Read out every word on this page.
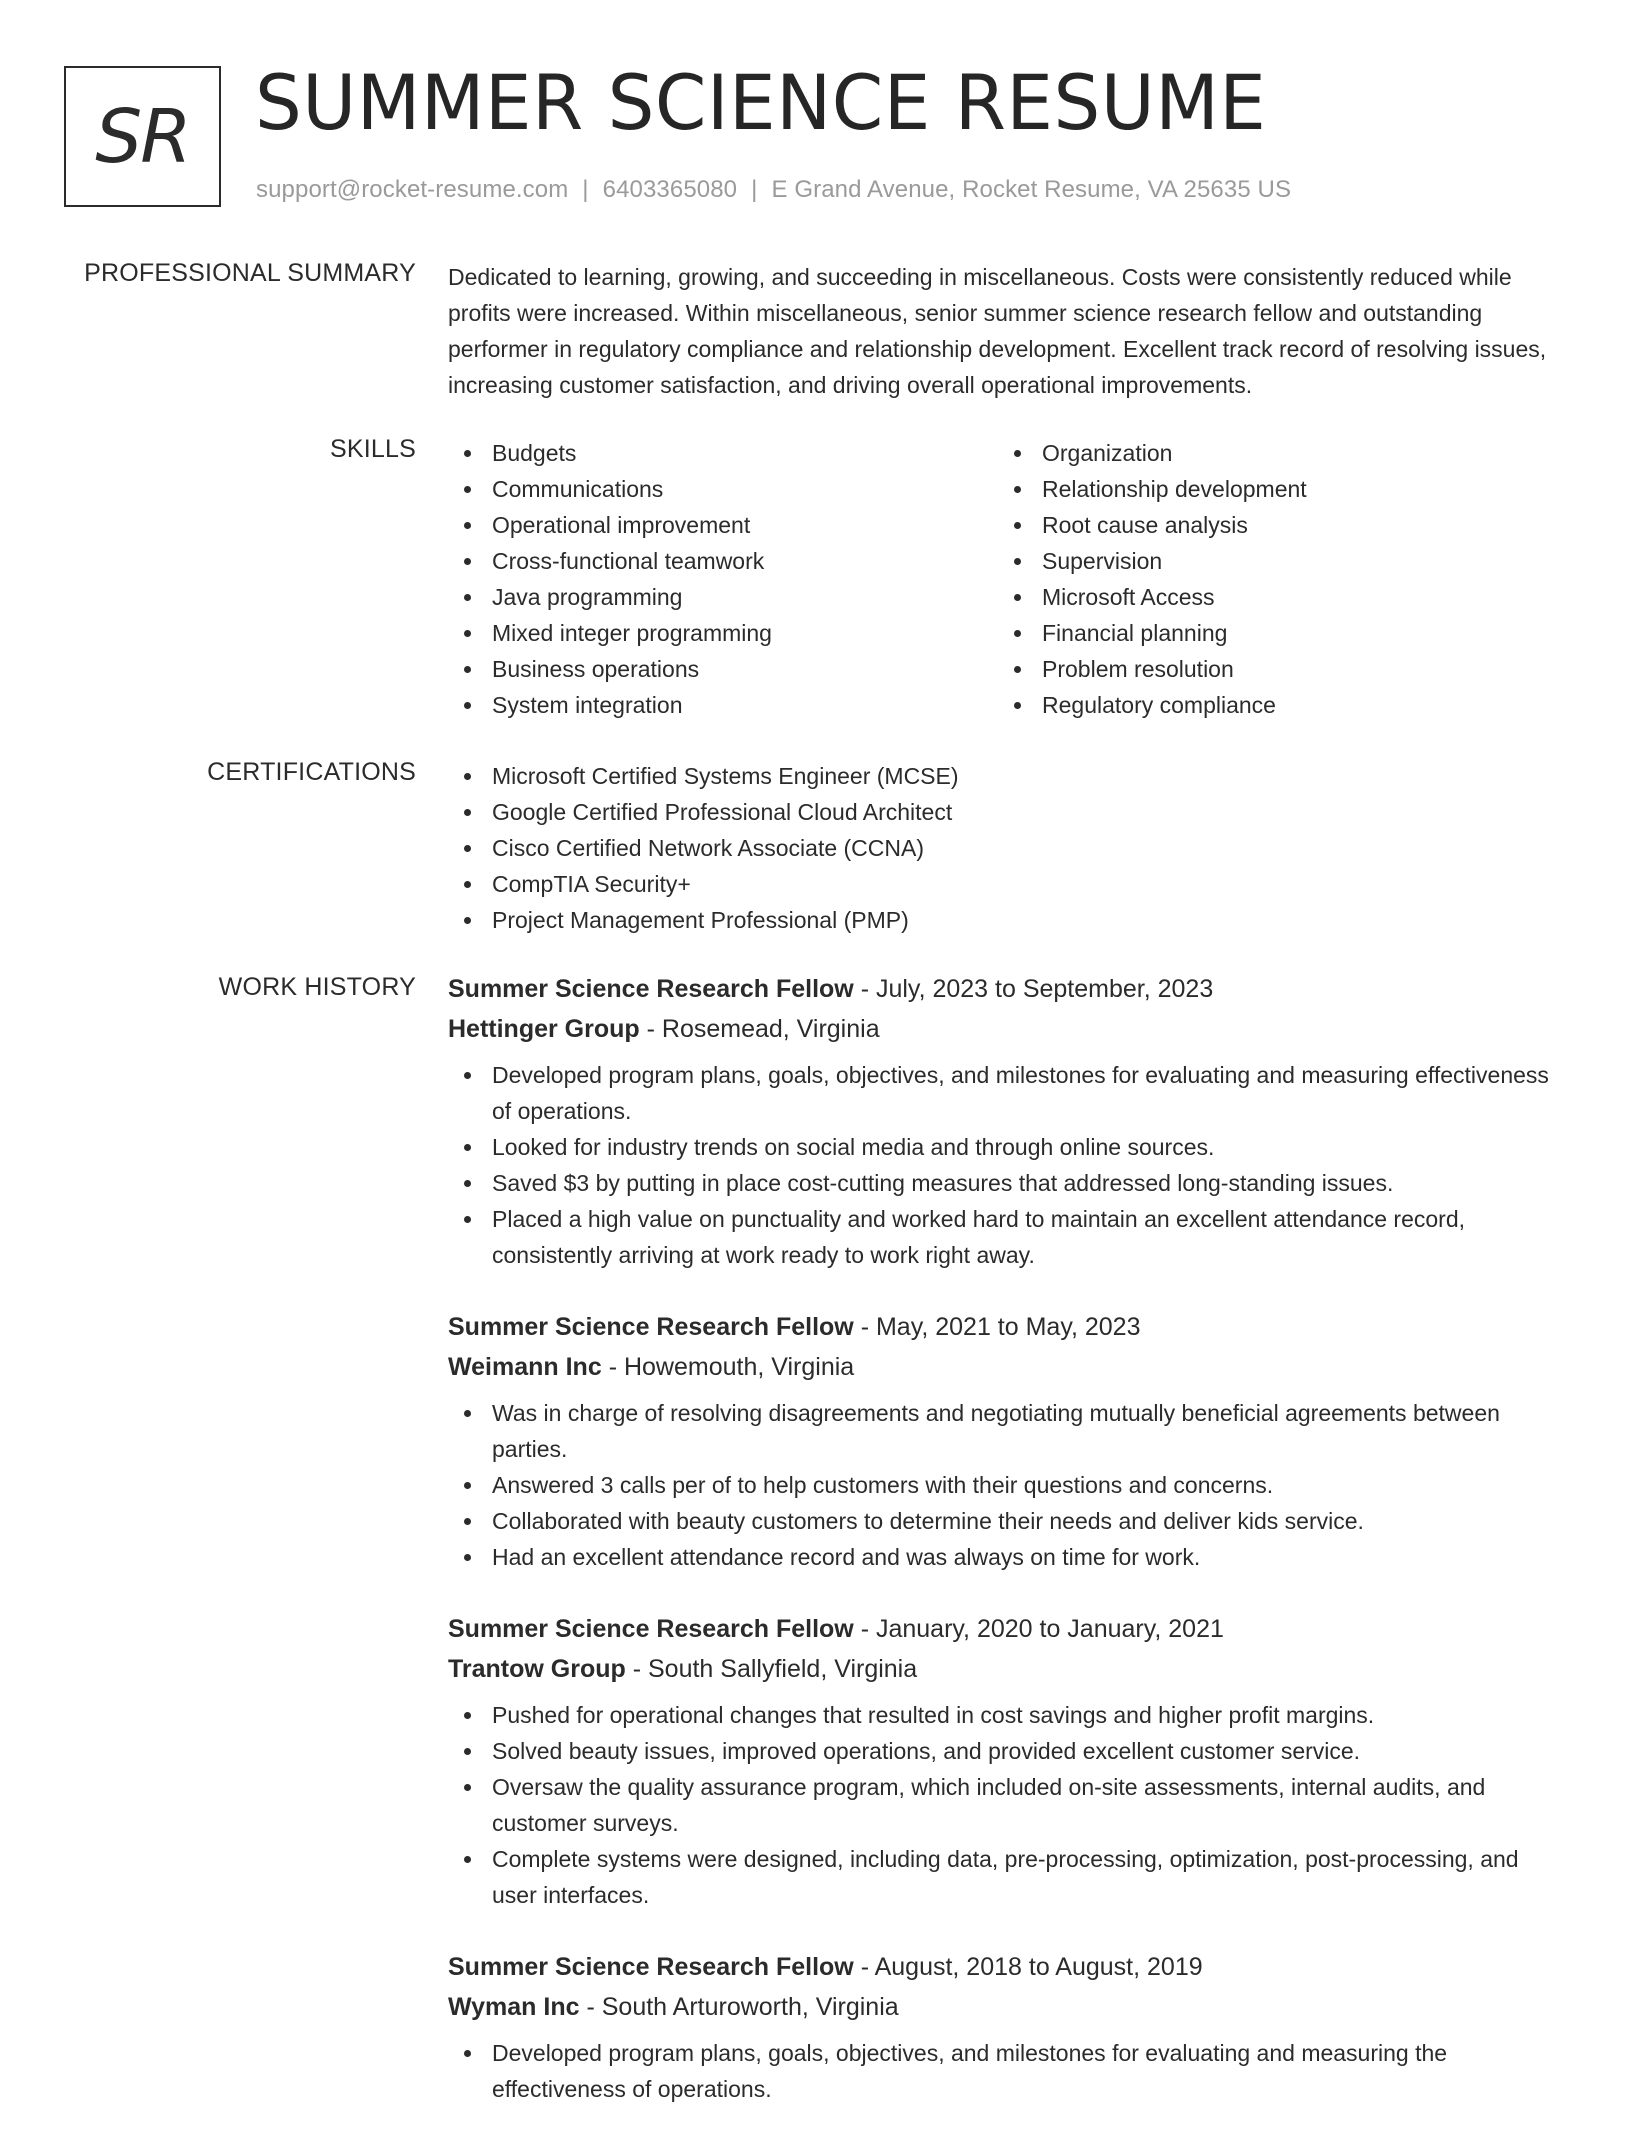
SR SUMMER SCIENCE RESUME
support@rocket-resume.com | 6403365080 | E Grand Avenue, Rocket Resume, VA 25635 US
PROFESSIONAL SUMMARY Dedicated to learning, growing, and succeeding in miscellaneous. Costs were consistently reduced while profits were increased. Within miscellaneous, senior summer science research fellow and outstanding performer in regulatory compliance and relationship development. Excellent track record of resolving issues, increasing customer satisfaction, and driving overall operational improvements.

SKILLS	Budgets
Communications
Operational improvement
Cross-functional teamwork
Java programming
Mixed integer programming
Business operations
System integration
Organization
Relationship development
Root cause analysis
Supervision
Microsoft Access
Financial planning
Problem resolution
Regulatory compliance
CERTIFICATIONS	Microsoft Certified Systems Engineer (MCSE)
Google Certified Professional Cloud Architect
Cisco Certified Network Associate (CCNA)
CompTIA Security+
Project Management Professional (PMP)
WORK HISTORY Summer Science Research Fellow - July, 2023 to September, 2023
Hettinger Group - Rosemead, Virginia
Developed program plans, goals, objectives, and milestones for evaluating and measuring effectiveness of operations.
Looked for industry trends on social media and through online sources.
Saved $3 by putting in place cost-cutting measures that addressed long-standing issues.
Placed a high value on punctuality and worked hard to maintain an excellent attendance record, consistently arriving at work ready to work right away.
Summer Science Research Fellow - May, 2021 to May, 2023
Weimann Inc - Howemouth, Virginia
Was in charge of resolving disagreements and negotiating mutually beneficial agreements between parties.
Answered 3 calls per of to help customers with their questions and concerns.
Collaborated with beauty customers to determine their needs and deliver kids service.
Had an excellent attendance record and was always on time for work.
Summer Science Research Fellow - January, 2020 to January, 2021
Trantow Group - South Sallyfield, Virginia
Pushed for operational changes that resulted in cost savings and higher profit margins.
Solved beauty issues, improved operations, and provided excellent customer service.
Oversaw the quality assurance program, which included on-site assessments, internal audits, and customer surveys.
Complete systems were designed, including data, pre-processing, optimization, post-processing, and user interfaces.
Summer Science Research Fellow - August, 2018 to August, 2019
Wyman Inc - South Arturoworth, Virginia
Developed program plans, goals, objectives, and milestones for evaluating and measuring the effectiveness of operations.
